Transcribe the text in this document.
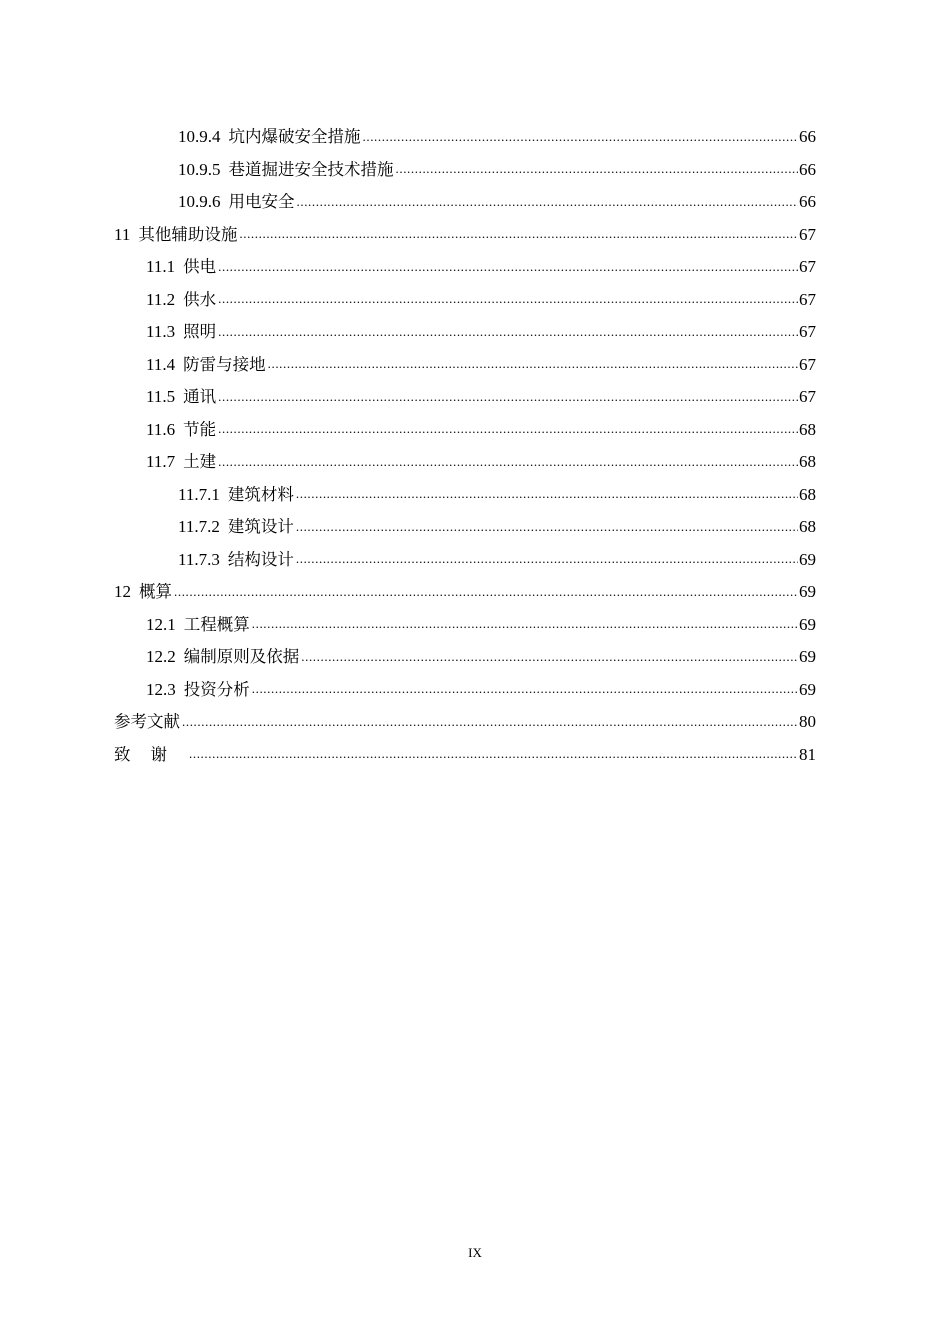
10.9.4 坑内爆破安全措施 .....	66
10.9.5 巷道掘进安全技术措施 .....	66
10.9.6 用电安全 .....	66
11 其他辅助设施 .....	67
11.1 供电 .....	67
11.2 供水 .....	67
11.3 照明 .....	67
11.4 防雷与接地 .....	67
11.5 通讯 .....	67
11.6 节能 .....	68
11.7 土建 .....	68
11.7.1 建筑材料 .....	68
11.7.2 建筑设计 .....	68
11.7.3 结构设计 .....	69
12 概算 .....	69
12.1 工程概算 .....	69
12.2 编制原则及依据 .....	69
12.3 投资分析 .....	69
参考文献 .....	80
致谢 .....	81
IX
